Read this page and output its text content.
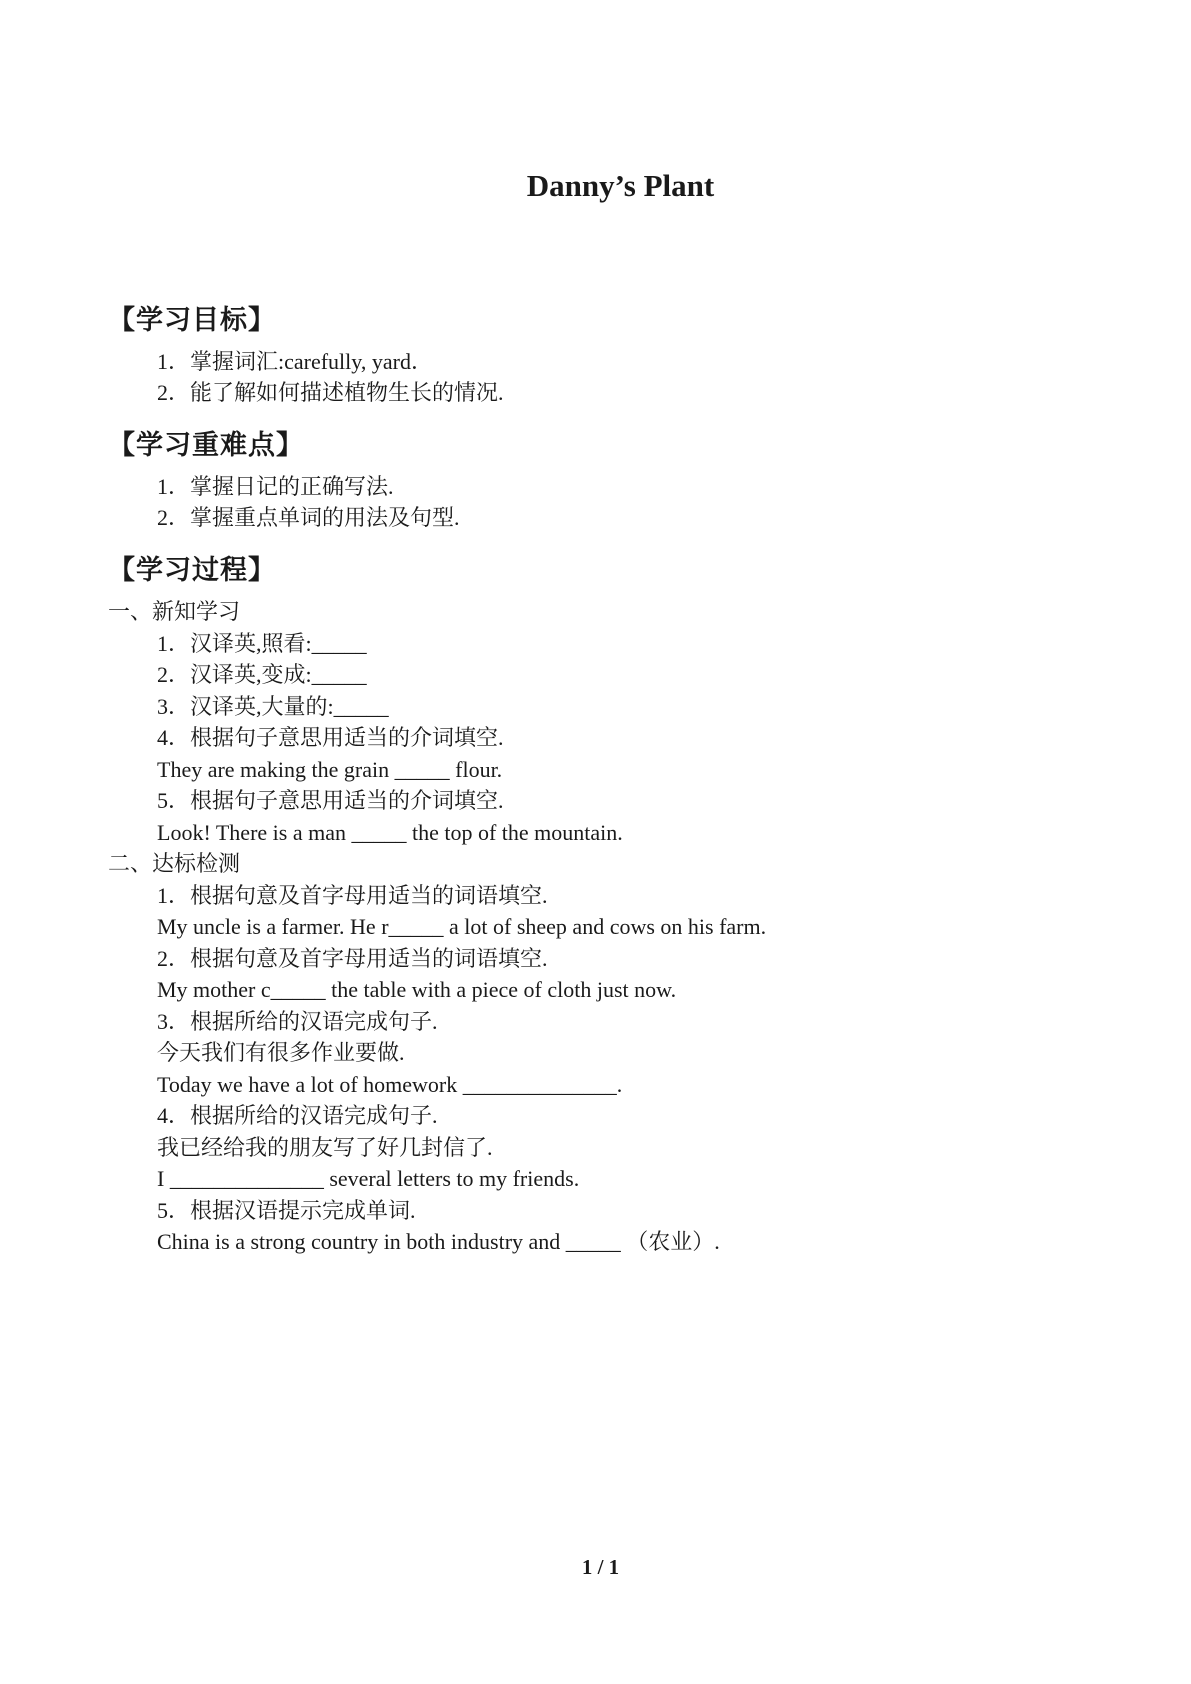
Danny’s Plant
【学习目标】
1．掌握词汇:carefully, yard．
2．能了解如何描述植物生长的情况.
【学习重难点】
1．掌握日记的正确写法.
2．掌握重点单词的用法及句型.
【学习过程】
一、新知学习
1．汉译英,照看:_____
2．汉译英,变成:_____
3．汉译英,大量的:_____
4．根据句子意思用适当的介词填空.
They are making the grain _____ flour.
5．根据句子意思用适当的介词填空.
Look! There is a man _____ the top of the mountain.
二、达标检测
1．根据句意及首字母用适当的词语填空.
My uncle is a farmer. He r_____ a lot of sheep and cows on his farm.
2．根据句意及首字母用适当的词语填空.
My mother c_____ the table with a piece of cloth just now.
3．根据所给的汉语完成句子.
今天我们有很多作业要做.
Today we have a lot of homework ______________.
4．根据所给的汉语完成句子.
我已经给我的朋友写了好几封信了.
I ______________ several letters to my friends.
5．根据汉语提示完成单词.
China is a strong country in both industry and _____ （农业）.
1 / 1
